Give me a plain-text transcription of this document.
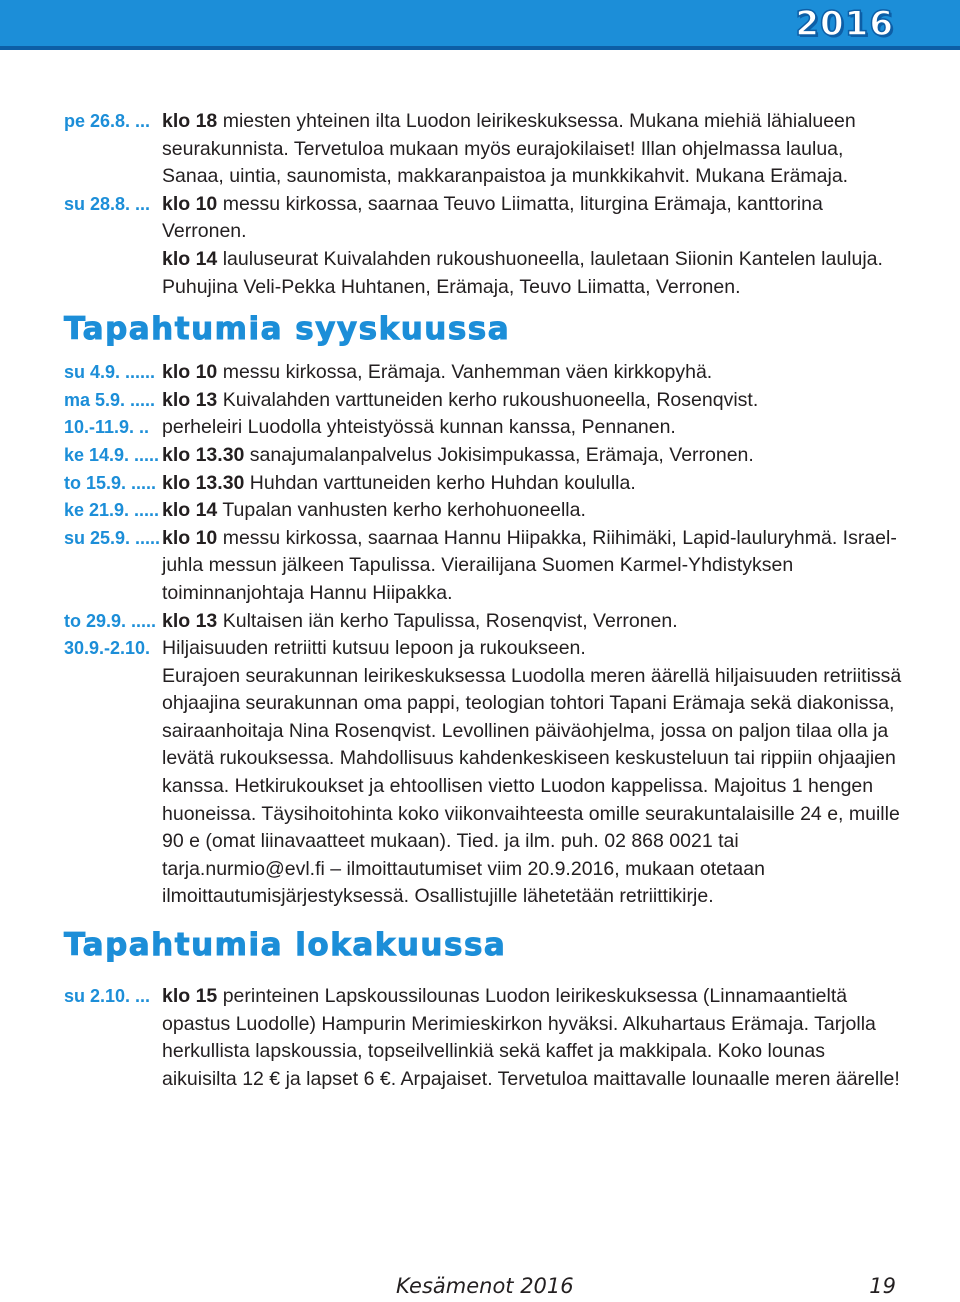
2016
pe 26.8. ... klo 18 miesten yhteinen ilta Luodon leirikeskuksessa. Mukana miehiä lähialueen seurakunnista. Tervetuloa mukaan myös eurajokilaiset! Illan ohjelmassa laulua, Sanaa, uintia, saunomista, makkaranpaistoa ja munkkikahvit. Mukana Erämaja.
su 28.8. ... klo 10 messu kirkossa, saarnaa Teuvo Liimatta, liturgina Erämaja, kanttorina Verronen.
klo 14 lauluseurat Kuivalahden rukoushuoneella, lauletaan Siionin Kantelen lauluja. Puhujina Veli-Pekka Huhtanen, Erämaja, Teuvo Liimatta, Verronen.
Tapahtumia syyskuussa
su 4.9. ...... klo 10 messu kirkossa, Erämaja. Vanhemman väen kirkkopyhä.
ma 5.9. ..... klo 13 Kuivalahden varttuneiden kerho rukoushuoneella, Rosenqvist.
10.-11.9. .. perheleiri Luodolla yhteistyössä kunnan kanssa, Pennanen.
ke 14.9. ..... klo 13.30 sanajumalanpalvelus Jokisimpukassa, Erämaja, Verronen.
to 15.9. ..... klo 13.30 Huhdan varttuneiden kerho Huhdan koululla.
ke 21.9. ..... klo 14 Tupalan vanhusten kerho kerhohuoneella.
su 25.9. ..... klo 10 messu kirkossa, saarnaa Hannu Hiipakka, Riihimäki, Lapid-lauluryhmä. Israel-juhla messun jälkeen Tapulissa. Vierailijana Suomen Karmel-Yhdistyksen toiminnanjohtaja Hannu Hiipakka.
to 29.9. ..... klo 13 Kultaisen iän kerho Tapulissa, Rosenqvist, Verronen.
30.9.-2.10. Hiljaisuuden retriitti kutsuu lepoon ja rukoukseen.
Eurajoen seurakunnan leirikeskuksessa Luodolla meren äärellä hiljaisuuden retriitissä ohjaajina seurakunnan oma pappi, teologian tohtori Tapani Erämaja sekä diakonissa, sairaanhoitaja Nina Rosenqvist. Levollinen päiväohjelma, jossa on paljon tilaa olla ja levätä rukouksessa. Mahdollisuus kahdenkeskiseen keskusteluun tai rippiin ohjaajien kanssa. Hetkirukoukset ja ehtoollisen vietto Luodon kappelissa. Majoitus 1 hengen huoneissa. Täysihoitohinta koko viikonvaihteesta omille seurakuntalaisille 24 e, muille 90 e (omat liinavaatteet mukaan). Tied. ja ilm. puh. 02 868 0021 tai tarja.nurmio@evl.fi – ilmoittautumiset viim 20.9.2016, mukaan otetaan ilmoittautumisjärjestyksessä. Osallistujille lähetetään retriittikirje.
Tapahtumia lokakuussa
su 2.10. ... klo 15 perinteinen Lapskoussilounas Luodon leirikeskuksessa (Linnamaantieltä opastus Luodolle) Hampurin Merimieskirkon hyväksi. Alkuhartaus Erämaja. Tarjolla herkullista lapskoussia, topseilvellinkiä sekä kaffet ja makkipala. Koko lounas aikuisilta 12 € ja lapset 6 €. Arpajaiset. Tervetuloa maittavalle lounaalle meren äärelle!
Kesämenot 2016	19
